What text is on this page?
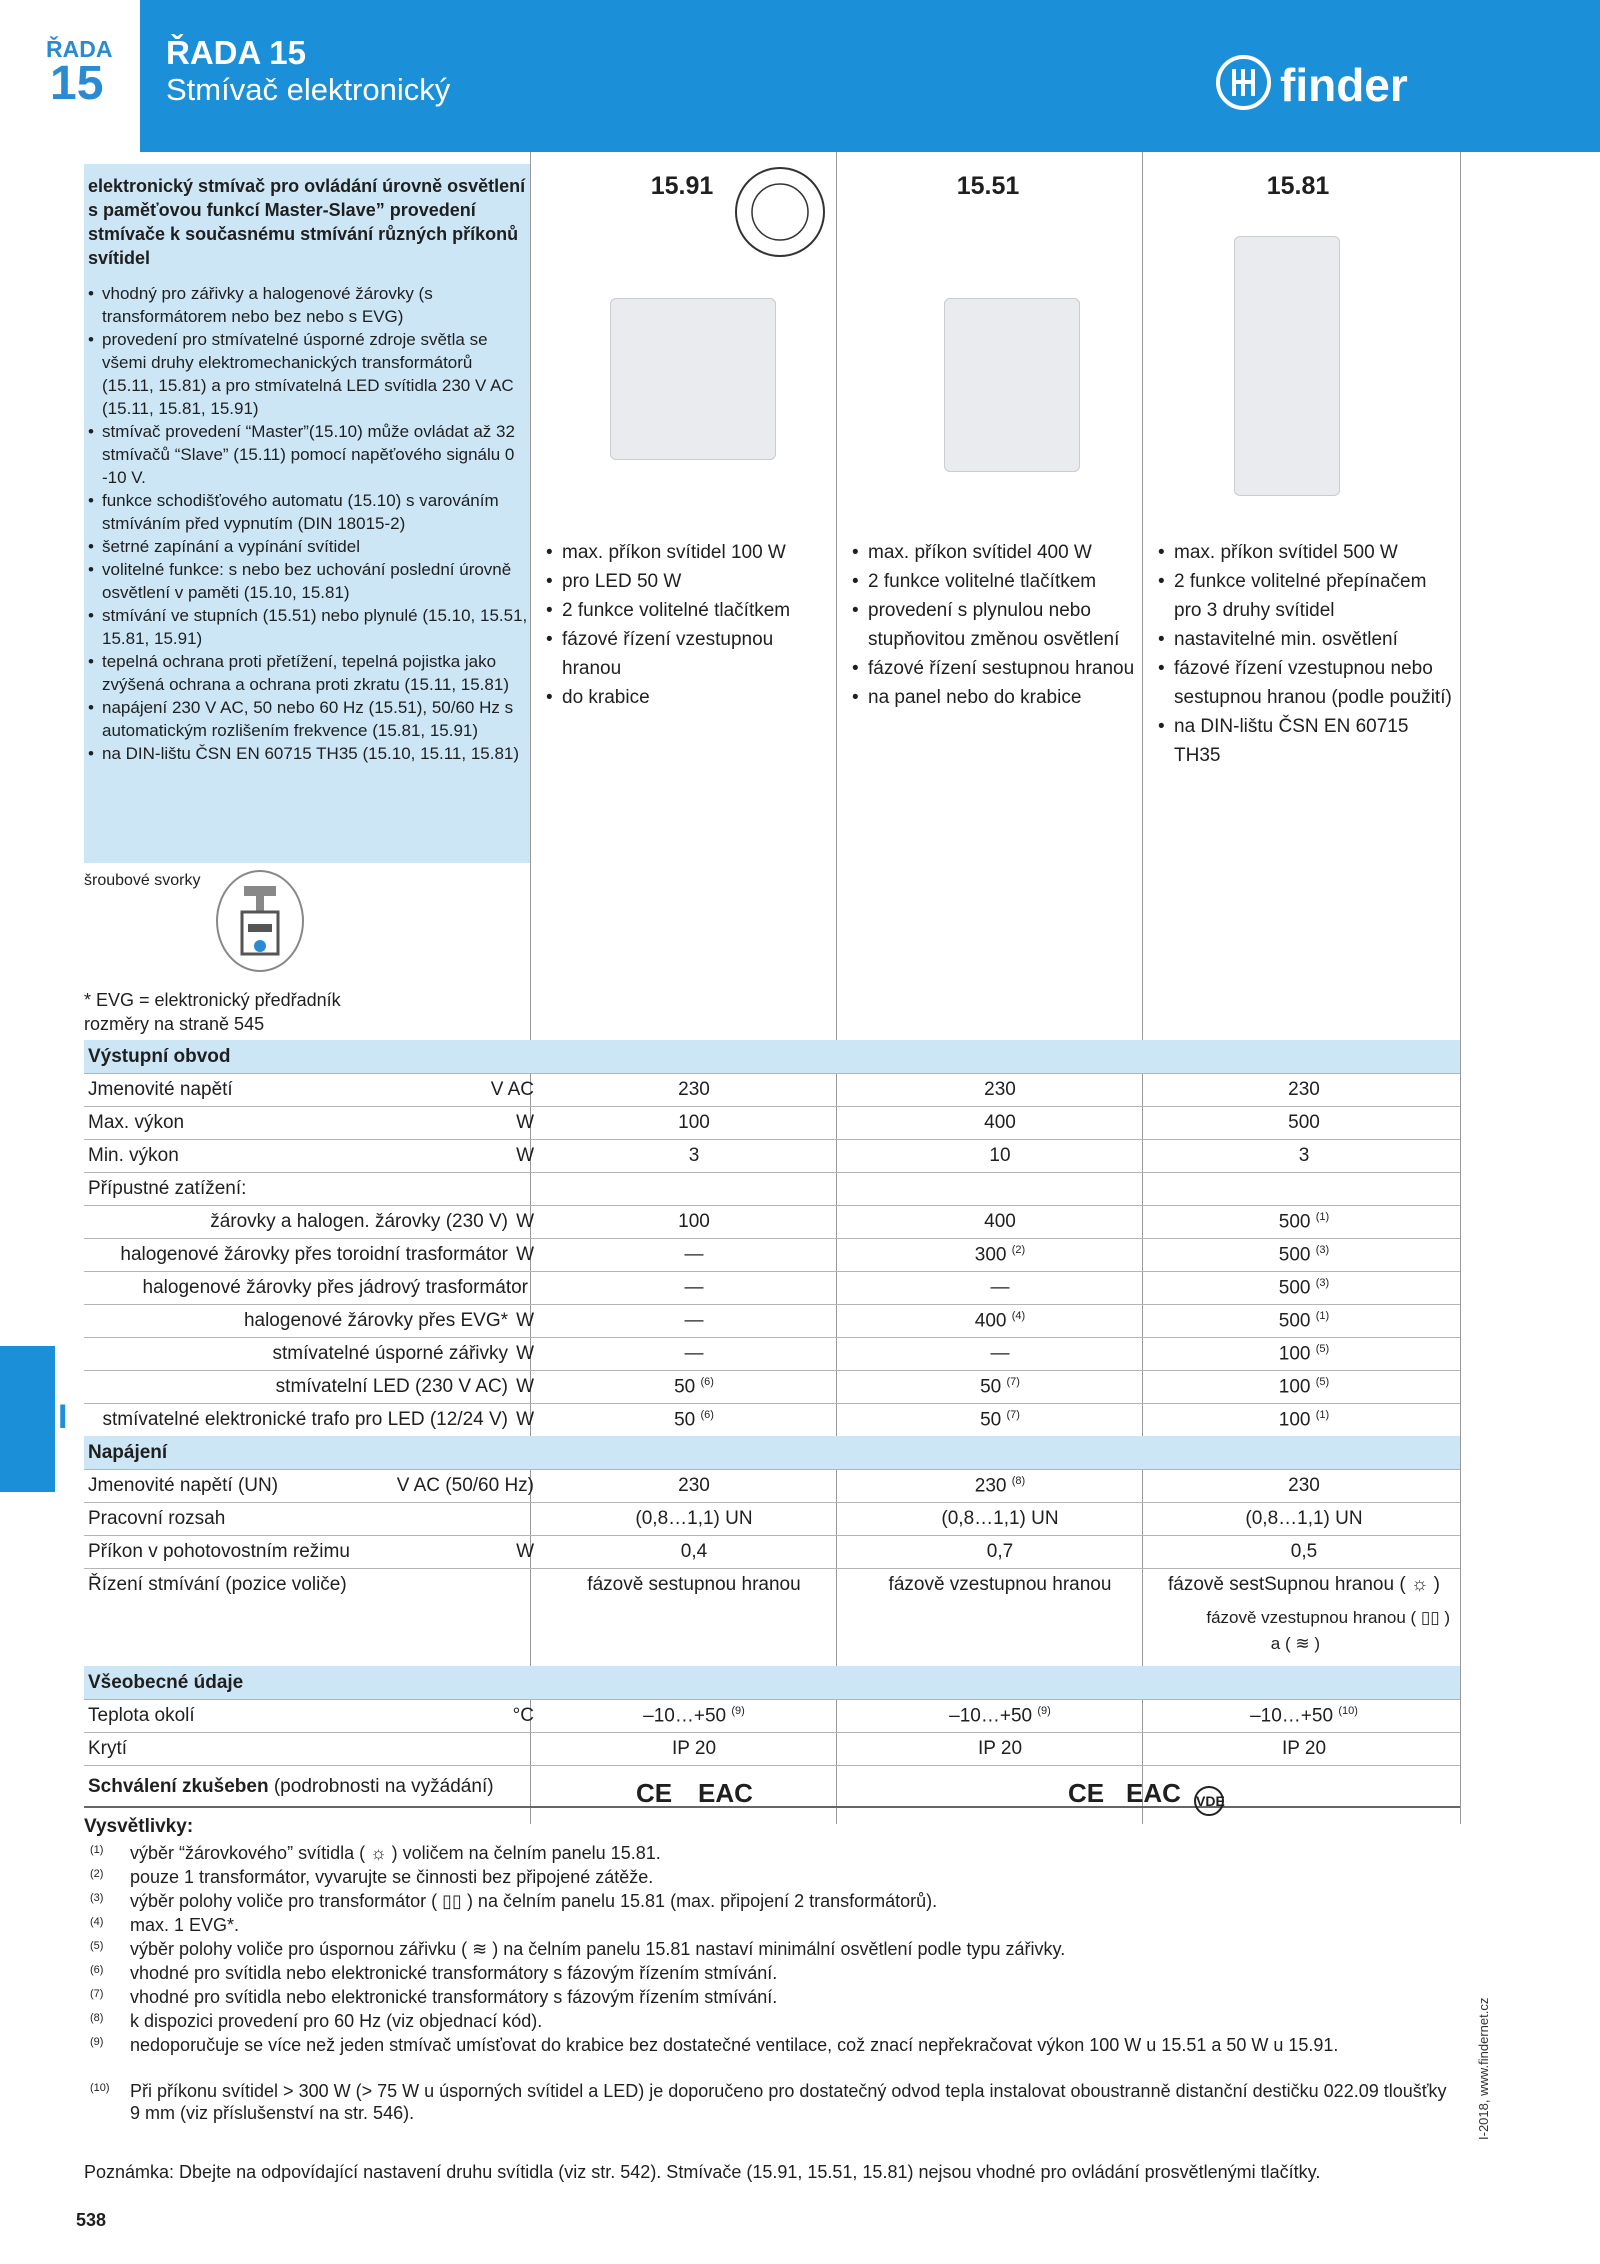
ŘADA
15
ŘADA 15
Stmívač elektronický	finder
elektronický stmívač pro ovládání úrovně osvětlení s paměťovou funkcí Master-Slave” provedení stmívače k současnému stmívání různých příkonů svítidel
• vhodný pro zářivky a halogenové žárovky (s transformátorem nebo bez nebo s EVG)
• provedení pro stmívatelné úsporné zdroje světla se všemi druhy elektromechanických transformátorů (15.11, 15.81) a pro stmívatelná LED svítidla 230 V AC (15.11, 15.81, 15.91)
• stmívač provedení “Master”(15.10) může ovládat až 32 stmívačů “Slave” (15.11) pomocí napěťového signálu 0 -10 V.
• funkce schodišťového automatu (15.10) s varováním stmíváním před vypnutím (DIN 18015-2)
• šetrné zapínání a vypínání svítidel
• volitelné funkce: s nebo bez uchování poslední úrovně osvětlení v paměti (15.10, 15.81)
• stmívání ve stupních (15.51) nebo plynulé (15.10, 15.51, 15.81, 15.91)
• tepelná ochrana proti přetížení, tepelná pojistka jako zvýšená ochrana a ochrana proti zkratu (15.11, 15.81)
• napájení 230 V AC, 50 nebo 60 Hz (15.51), 50/60 Hz s automatickým rozlišením frekvence (15.81, 15.91)
• na DIN-lištu ČSN EN 60715 TH35 (15.10, 15.11, 15.81)
šroubové svorky
* EVG = elektronický předřadník
rozměry na straně 545
15.91
• max. příkon svítidel 100 W
• pro LED 50 W
• 2 funkce volitelné tlačítkem
• fázové řízení vzestupnou hranou
• do krabice
15.51
• max. příkon svítidel 400 W
• 2 funkce volitelné tlačítkem
• provedení s plynulou nebo stupňovitou změnou osvětlení
• fázové řízení sestupnou hranou
• na panel nebo do krabice
15.81
• max. příkon svítidel 500 W
• 2 funkce volitelné přepínačem pro 3 druhy svítidel
• nastavitelné min. osvětlení
• fázové řízení vzestupnou nebo sestupnou hranou (podle použití)
• na DIN-lištu ČSN EN 60715 TH35
I
Výstupní obvod
Jmenovité napětí	V AC	230	230	230
Max. výkon	W	100	400	500
Min. výkon	W	3	10	3
Přípustné zatížení:
žárovky a halogen. žárovky (230 V) W	100	400	500 $^{(1)}$
halogenové žárovky přes toroidní trasformátor W	—	300 $^{(2)}$	500 $^{(3)}$
halogenové žárovky přes jádrový trasformátor	—	—	500 $^{(3)}$
halogenové žárovky přes EVG* W	—	400 $^{(4)}$	500 $^{(1)}$
stmívatelné úsporné zářivky W	—	—	100 $^{(5)}$
stmívatelní LED (230 V AC) W	50 $^{(6)}$	50 $^{(7)}$	100 $^{(5)}$
stmívatelné elektronické trafo pro LED (12/24 V) W	50 $^{(6)}$	50 $^{(7)}$	100 $^{(1)}$
Napájení
Jmenovité napětí (UN)	V AC (50/60 Hz)	230	230 $^{(8)}$	230
Pracovní rozsah	(0,8…1,1) UN	(0,8…1,1) UN	(0,8…1,1) UN
Příkon v pohotovostním režimu	W	0,4	0,7	0,5
Řízení stmívání (pozice voliče)	fázově sestupnou hranou	fázově vzestupnou hranou	fázově sestSupnou hranou ( ☼ )
fázově vzestupnou hranou ( ▯▯ )
a ( ≋ )
Všeobecné údaje
Teplota okolí	°C	–10…+50 $^{(9)}$	–10…+50 $^{(9)}$	–10…+50 $^{(10)}$
Krytí	IP 20	IP 20	IP 20
Schválení zkušeben (podrobnosti na vyžádání)	CE EAC	CE EAC VDE
Vysvětlivky:
(1) výběr “žárovkového” svítidla ( ☼ ) voličem na čelním panelu 15.81.
(2) pouze 1 transformátor, vyvarujte se činnosti bez připojené zátěže.
(3) výběr polohy voliče pro transformátor ( ▯▯ ) na čelním panelu 15.81 (max. připojení 2 transformátorů).
(4) max. 1 EVG*.
(5) výběr polohy voliče pro úspornou zářivku ( ≋ ) na čelním panelu 15.81 nastaví minimální osvětlení podle typu zářivky.
(6) vhodné pro svítidla nebo elektronické transformátory s fázovým řízením stmívání.
(7) vhodné pro svítidla nebo elektronické transformátory s fázovým řízením stmívání.
(8) k dispozici provedení pro 60 Hz (viz objednací kód).
(9) nedoporučuje se více než jeden stmívač umísťovat do krabice bez dostatečné ventilace, což znací nepřekračovat výkon 100 W u 15.51 a 50 W u 15.91.
(10) Při příkonu svítidel > 300 W (> 75 W u úsporných svítidel a LED) je doporučeno pro dostatečný odvod tepla instalovat oboustranně distanční destičku 022.09 tloušťky 9 mm (viz příslušenství na str. 546).
Poznámka: Dbejte na odpovídající nastavení druhu svítidla (viz str. 542). Stmívače (15.91, 15.51, 15.81) nejsou vhodné pro ovládání prosvětlenými tlačítky.
538
I-2018, www.findernet.cz
